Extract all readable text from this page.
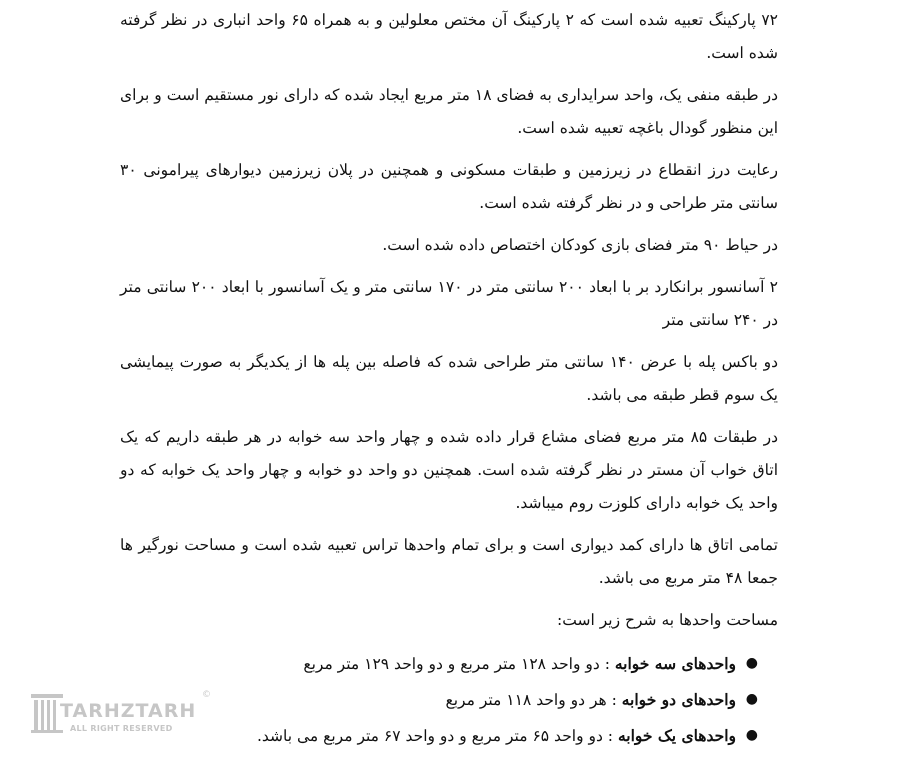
۷۲ پارکینگ تعبیه شده است که ۲ پارکینگ آن مختص معلولین و به همراه ۶۵ واحد انباری در نظر گرفته شده است.

در طبقه منفی یک، واحد سرایداری به فضای ۱۸ متر مربع ایجاد شده که دارای نور مستقیم است و برای این منظور گودال باغچه تعبیه شده است.

رعایت درز انقطاع در زیرزمین و طبقات مسکونی و همچنین در پلان زیرزمین دیوارهای پیرامونی ۳۰ سانتی متر طراحی و در نظر گرفته شده است.

در حیاط ۹۰ متر فضای بازی کودکان اختصاص داده شده است.

۲ آسانسور برانکارد بر با ابعاد ۲۰۰ سانتی متر در ۱۷۰ سانتی متر و یک آسانسور با ابعاد ۲۰۰ سانتی متر در ۲۴۰ سانتی متر

دو باکس پله با عرض ۱۴۰ سانتی متر طراحی شده که فاصله بین پله ها از یکدیگر به صورت پیمایشی یک سوم قطر طبقه می باشد.

در طبقات ۸۵ متر مربع فضای مشاع قرار داده شده و چهار واحد سه خوابه در هر طبقه داریم که یک اتاق خواب آن مستر در نظر گرفته شده است. همچنین دو واحد دو خوابه و چهار واحد یک خوابه که دو واحد یک خوابه دارای کلوزت روم میباشد.

تمامی اتاق ها دارای کمد دیواری است و برای تمام واحدها تراس تعبیه شده است و مساحت نورگیر ها جمعا ۴۸ متر مربع می باشد.

مساحت واحدها به شرح زیر است:

●
واحدهای سه خوابه : دو واحد ۱۲۸ متر مربع و دو واحد ۱۲۹ متر مربع
●
واحدهای دو خوابه : هر دو واحد ۱۱۸ متر مربع
●
واحدهای یک خوابه : دو واحد ۶۵ متر مربع و دو واحد ۶۷ متر مربع می باشد.
TARHZTARH
©
ALL RIGHT RESERVED
